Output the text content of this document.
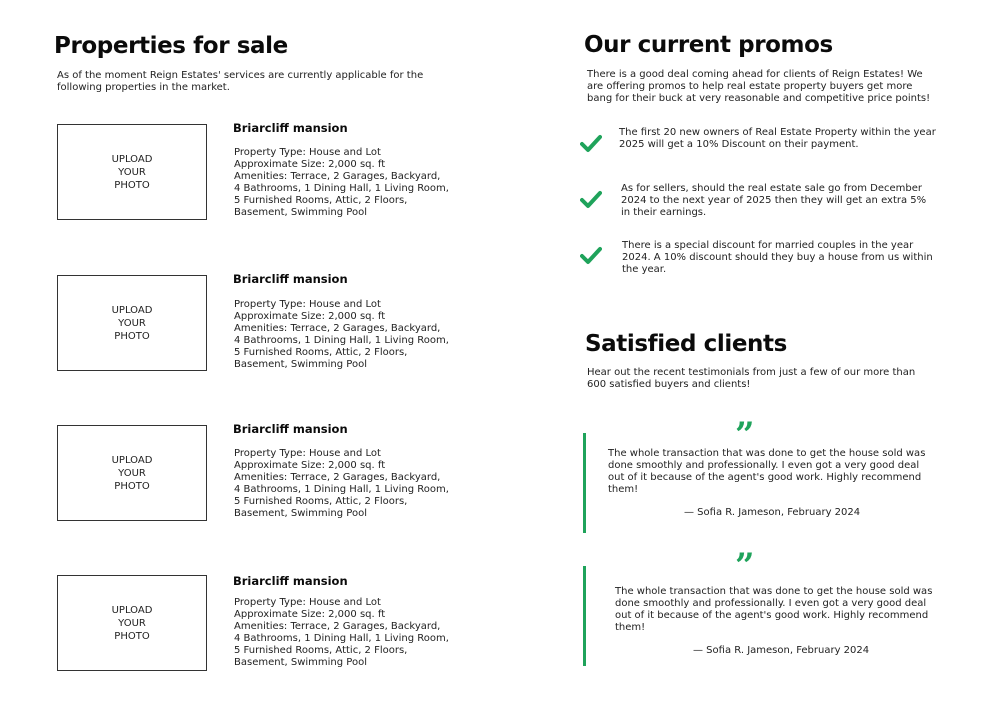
Properties for sale
As of the moment Reign Estates' services are currently applicable for the following properties in the market.
UPLOAD
YOUR
PHOTO
Briarcliff mansion
Property Type: House and Lot
Approximate Size: 2,000 sq. ft
Amenities: Terrace, 2 Garages, Backyard,
4 Bathrooms, 1 Dining Hall, 1 Living Room,
5 Furnished Rooms, Attic, 2 Floors,
Basement, Swimming Pool
UPLOAD
YOUR
PHOTO
Briarcliff mansion
Property Type: House and Lot
Approximate Size: 2,000 sq. ft
Amenities: Terrace, 2 Garages, Backyard,
4 Bathrooms, 1 Dining Hall, 1 Living Room,
5 Furnished Rooms, Attic, 2 Floors,
Basement, Swimming Pool
UPLOAD
YOUR
PHOTO
Briarcliff mansion
Property Type: House and Lot
Approximate Size: 2,000 sq. ft
Amenities: Terrace, 2 Garages, Backyard,
4 Bathrooms, 1 Dining Hall, 1 Living Room,
5 Furnished Rooms, Attic, 2 Floors,
Basement, Swimming Pool
UPLOAD
YOUR
PHOTO
Briarcliff mansion
Property Type: House and Lot
Approximate Size: 2,000 sq. ft
Amenities: Terrace, 2 Garages, Backyard,
4 Bathrooms, 1 Dining Hall, 1 Living Room,
5 Furnished Rooms, Attic, 2 Floors,
Basement, Swimming Pool
Our current promos
There is a good deal coming ahead for clients of Reign Estates! We are offering promos to help real estate property buyers get more bang for their buck at very reasonable and competitive price points!
The first 20 new owners of Real Estate Property within the year 2025 will get a 10% Discount on their payment.
As for sellers, should the real estate sale go from December 2024 to the next year of 2025 then they will get an extra 5% in their earnings.
There is a special discount for married couples in the year 2024. A 10% discount should they buy a house from us within the year.
Satisfied clients
Hear out the recent testimonials from just a few of our more than 600 satisfied buyers and clients!
”
The whole transaction that was done to get the house sold was done smoothly and professionally. I even got a very good deal out of it because of the agent's good work. Highly recommend them!
— Sofia R. Jameson, February 2024
”
The whole transaction that was done to get the house sold was done smoothly and professionally. I even got a very good deal out of it because of the agent's good work. Highly recommend them!
— Sofia R. Jameson, February 2024
